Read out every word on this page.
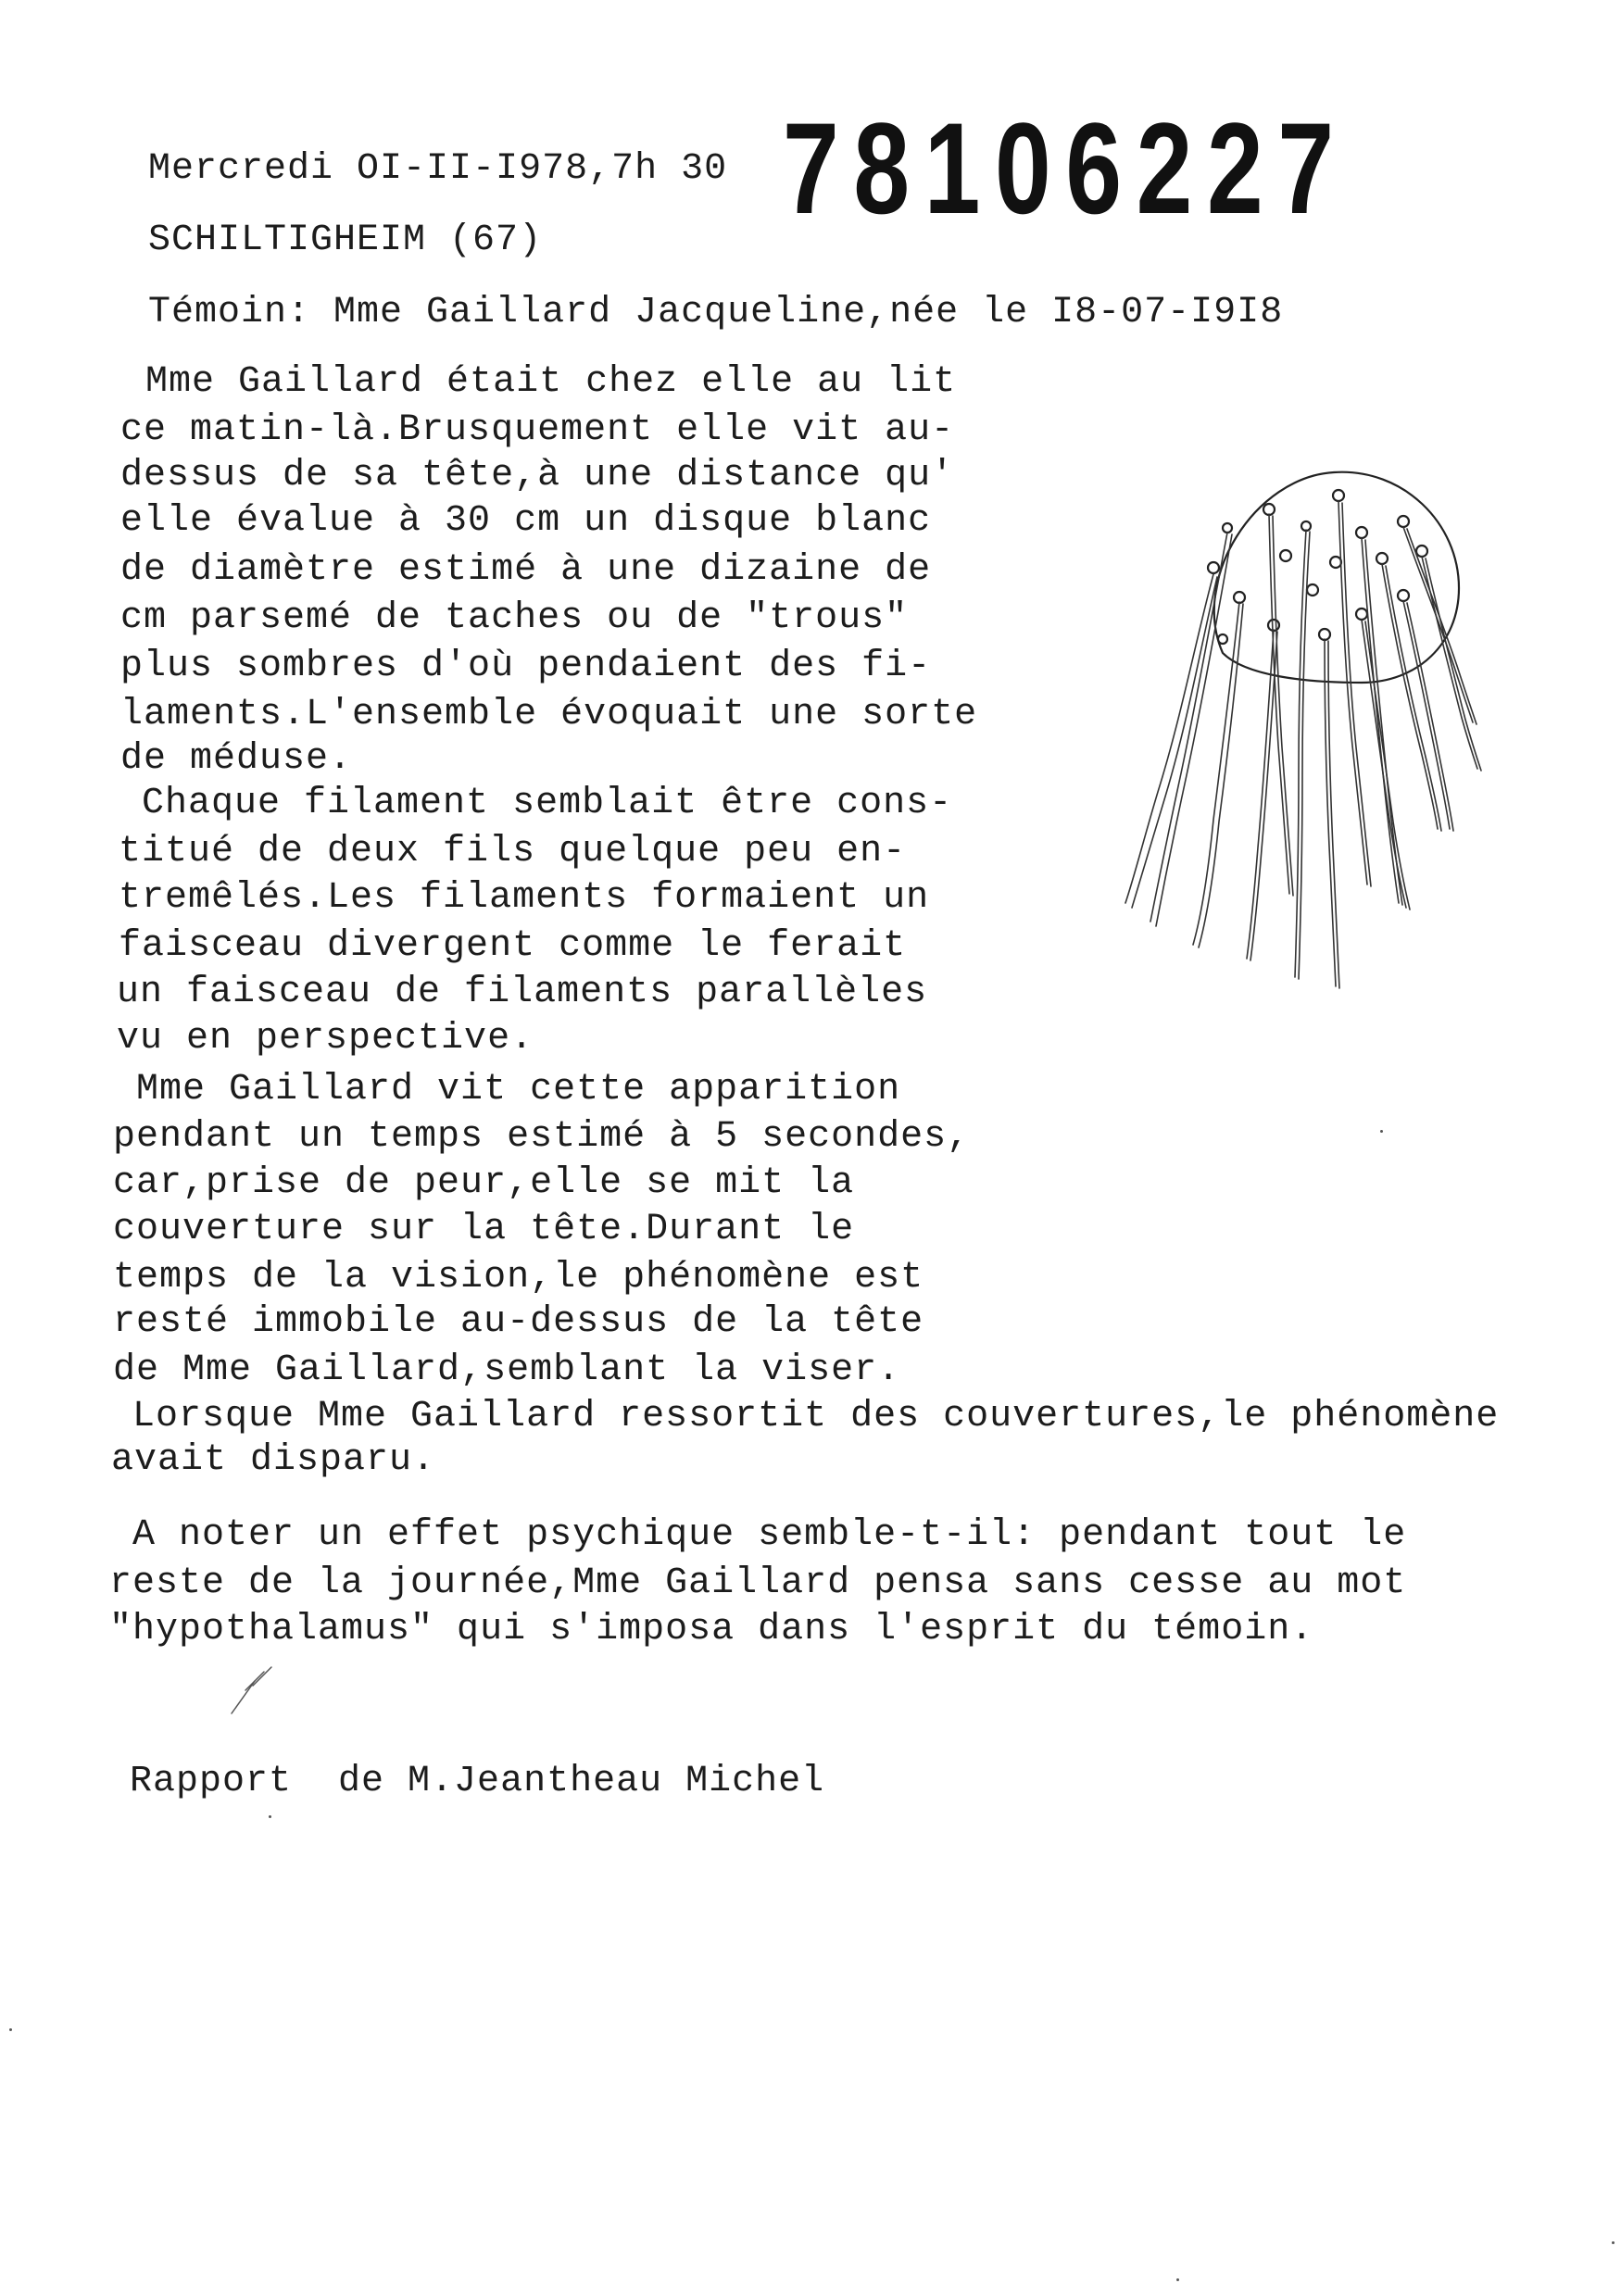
Mercredi OI-II-I978,7h 30
SCHILTIGHEIM (67) 78106227
Témoin: Mme Gaillard Jacqueline,née le I8-07-I9I8
Mme Gaillard était chez elle au lit
ce matin-là.Brusquement elle vit au-
dessus de sa tête,à une distance qu'
elle évalue à 30 cm un disque blanc
de diamètre estimé à une dizaine de
cm parsemé de taches ou de "trous"
plus sombres d'où pendaient des fi-
laments.L'ensemble évoquait une sorte
de méduse.
Chaque filament semblait être cons-
titué de deux fils quelque peu en-
tremêlés.Les filaments formaient un
faisceau divergent comme le ferait
un faisceau de filaments parallèles
vu en perspective.
Mme Gaillard vit cette apparition
pendant un temps estimé à 5 secondes,
car,prise de peur,elle se mit la
couverture sur la tête.Durant le
temps de la vision,le phénomène est
resté immobile au-dessus de la tête
de Mme Gaillard,semblant la viser.
Lorsque Mme Gaillard ressortit des couvertures,le phénomène
avait disparu.
A noter un effet psychique semble-t-il: pendant tout le
reste de la journée,Mme Gaillard pensa sans cesse au mot
"hypothalamus" qui s'imposa dans l'esprit du témoin.
Rapport  de M.Jeantheau Michel
